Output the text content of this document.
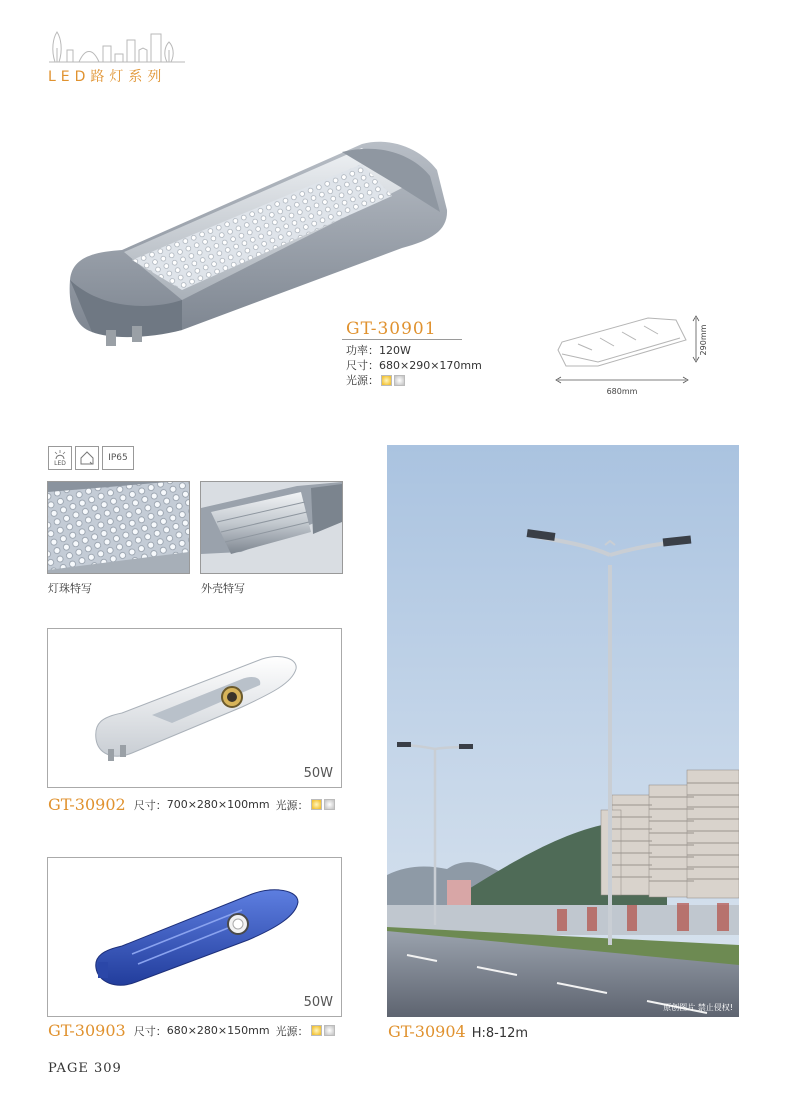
LED路灯系列
GT-30901
功率： 120W
尺寸： 680×290×170mm
光源：
290mm
680mm
LED	IP65
灯珠特写	外壳特写
50W
GT-30902 尺寸： 700×280×100mm 光源：
50W
GT-30903 尺寸： 680×280×150mm 光源：
原创图片 禁止侵权!
GT-30904 H:8-12m
PAGE 309
